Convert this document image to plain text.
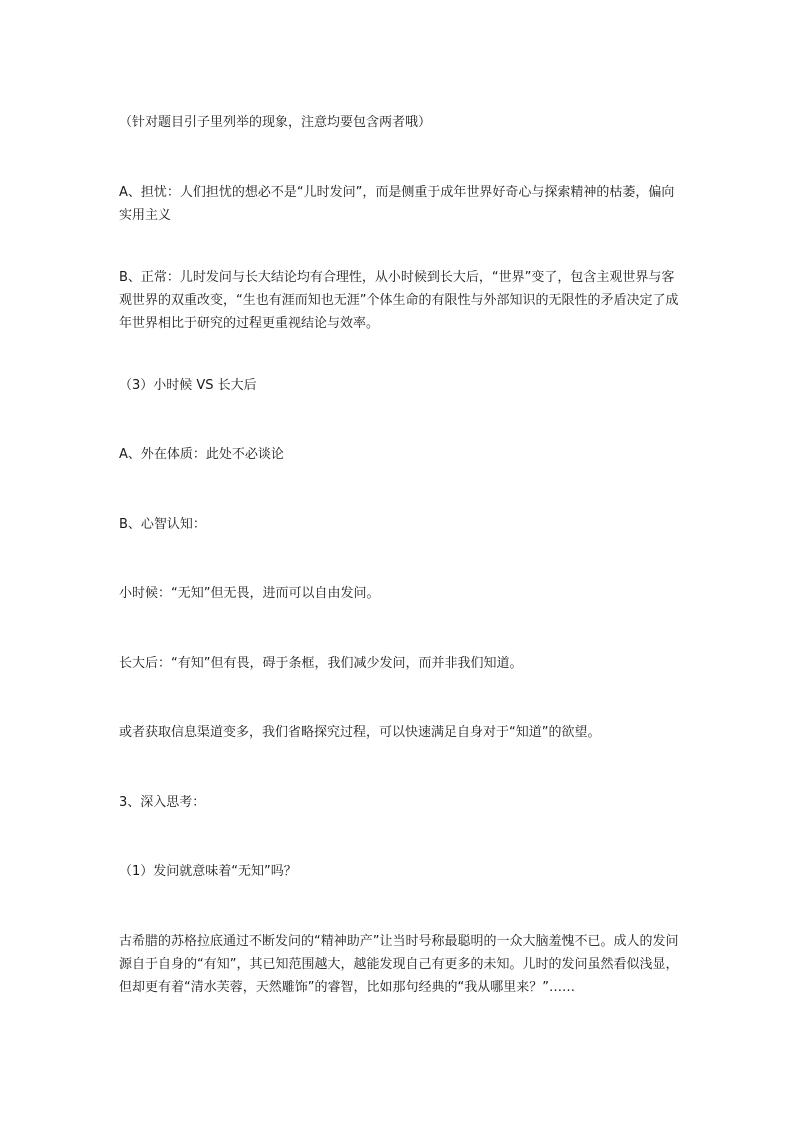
（针对题目引子里列举的现象，注意均要包含两者哦）

A、担忧：人们担忧的想必不是“儿时发问”，而是侧重于成年世界好奇心与探索精神的枯萎，偏向实用主义

B、正常：儿时发问与长大结论均有合理性，从小时候到长大后，“世界”变了，包含主观世界与客观世界的双重改变，“生也有涯而知也无涯”个体生命的有限性与外部知识的无限性的矛盾决定了成年世界相比于研究的过程更重视结论与效率。

（3）小时候 VS 长大后

A、外在体质：此处不必谈论

B、心智认知：

小时候：“无知”但无畏，进而可以自由发问。

长大后：“有知”但有畏，碍于条框，我们减少发问，而并非我们知道。

或者获取信息渠道变多，我们省略探究过程，可以快速满足自身对于“知道”的欲望。

3、深入思考：

（1）发问就意味着“无知”吗？

古希腊的苏格拉底通过不断发问的“精神助产”让当时号称最聪明的一众大脑羞愧不已。成人的发问源自于自身的“有知”，其已知范围越大，越能发现自己有更多的未知。儿时的发问虽然看似浅显，但却更有着“清水芙蓉，天然雕饰”的睿智，比如那句经典的“我从哪里来？”……
